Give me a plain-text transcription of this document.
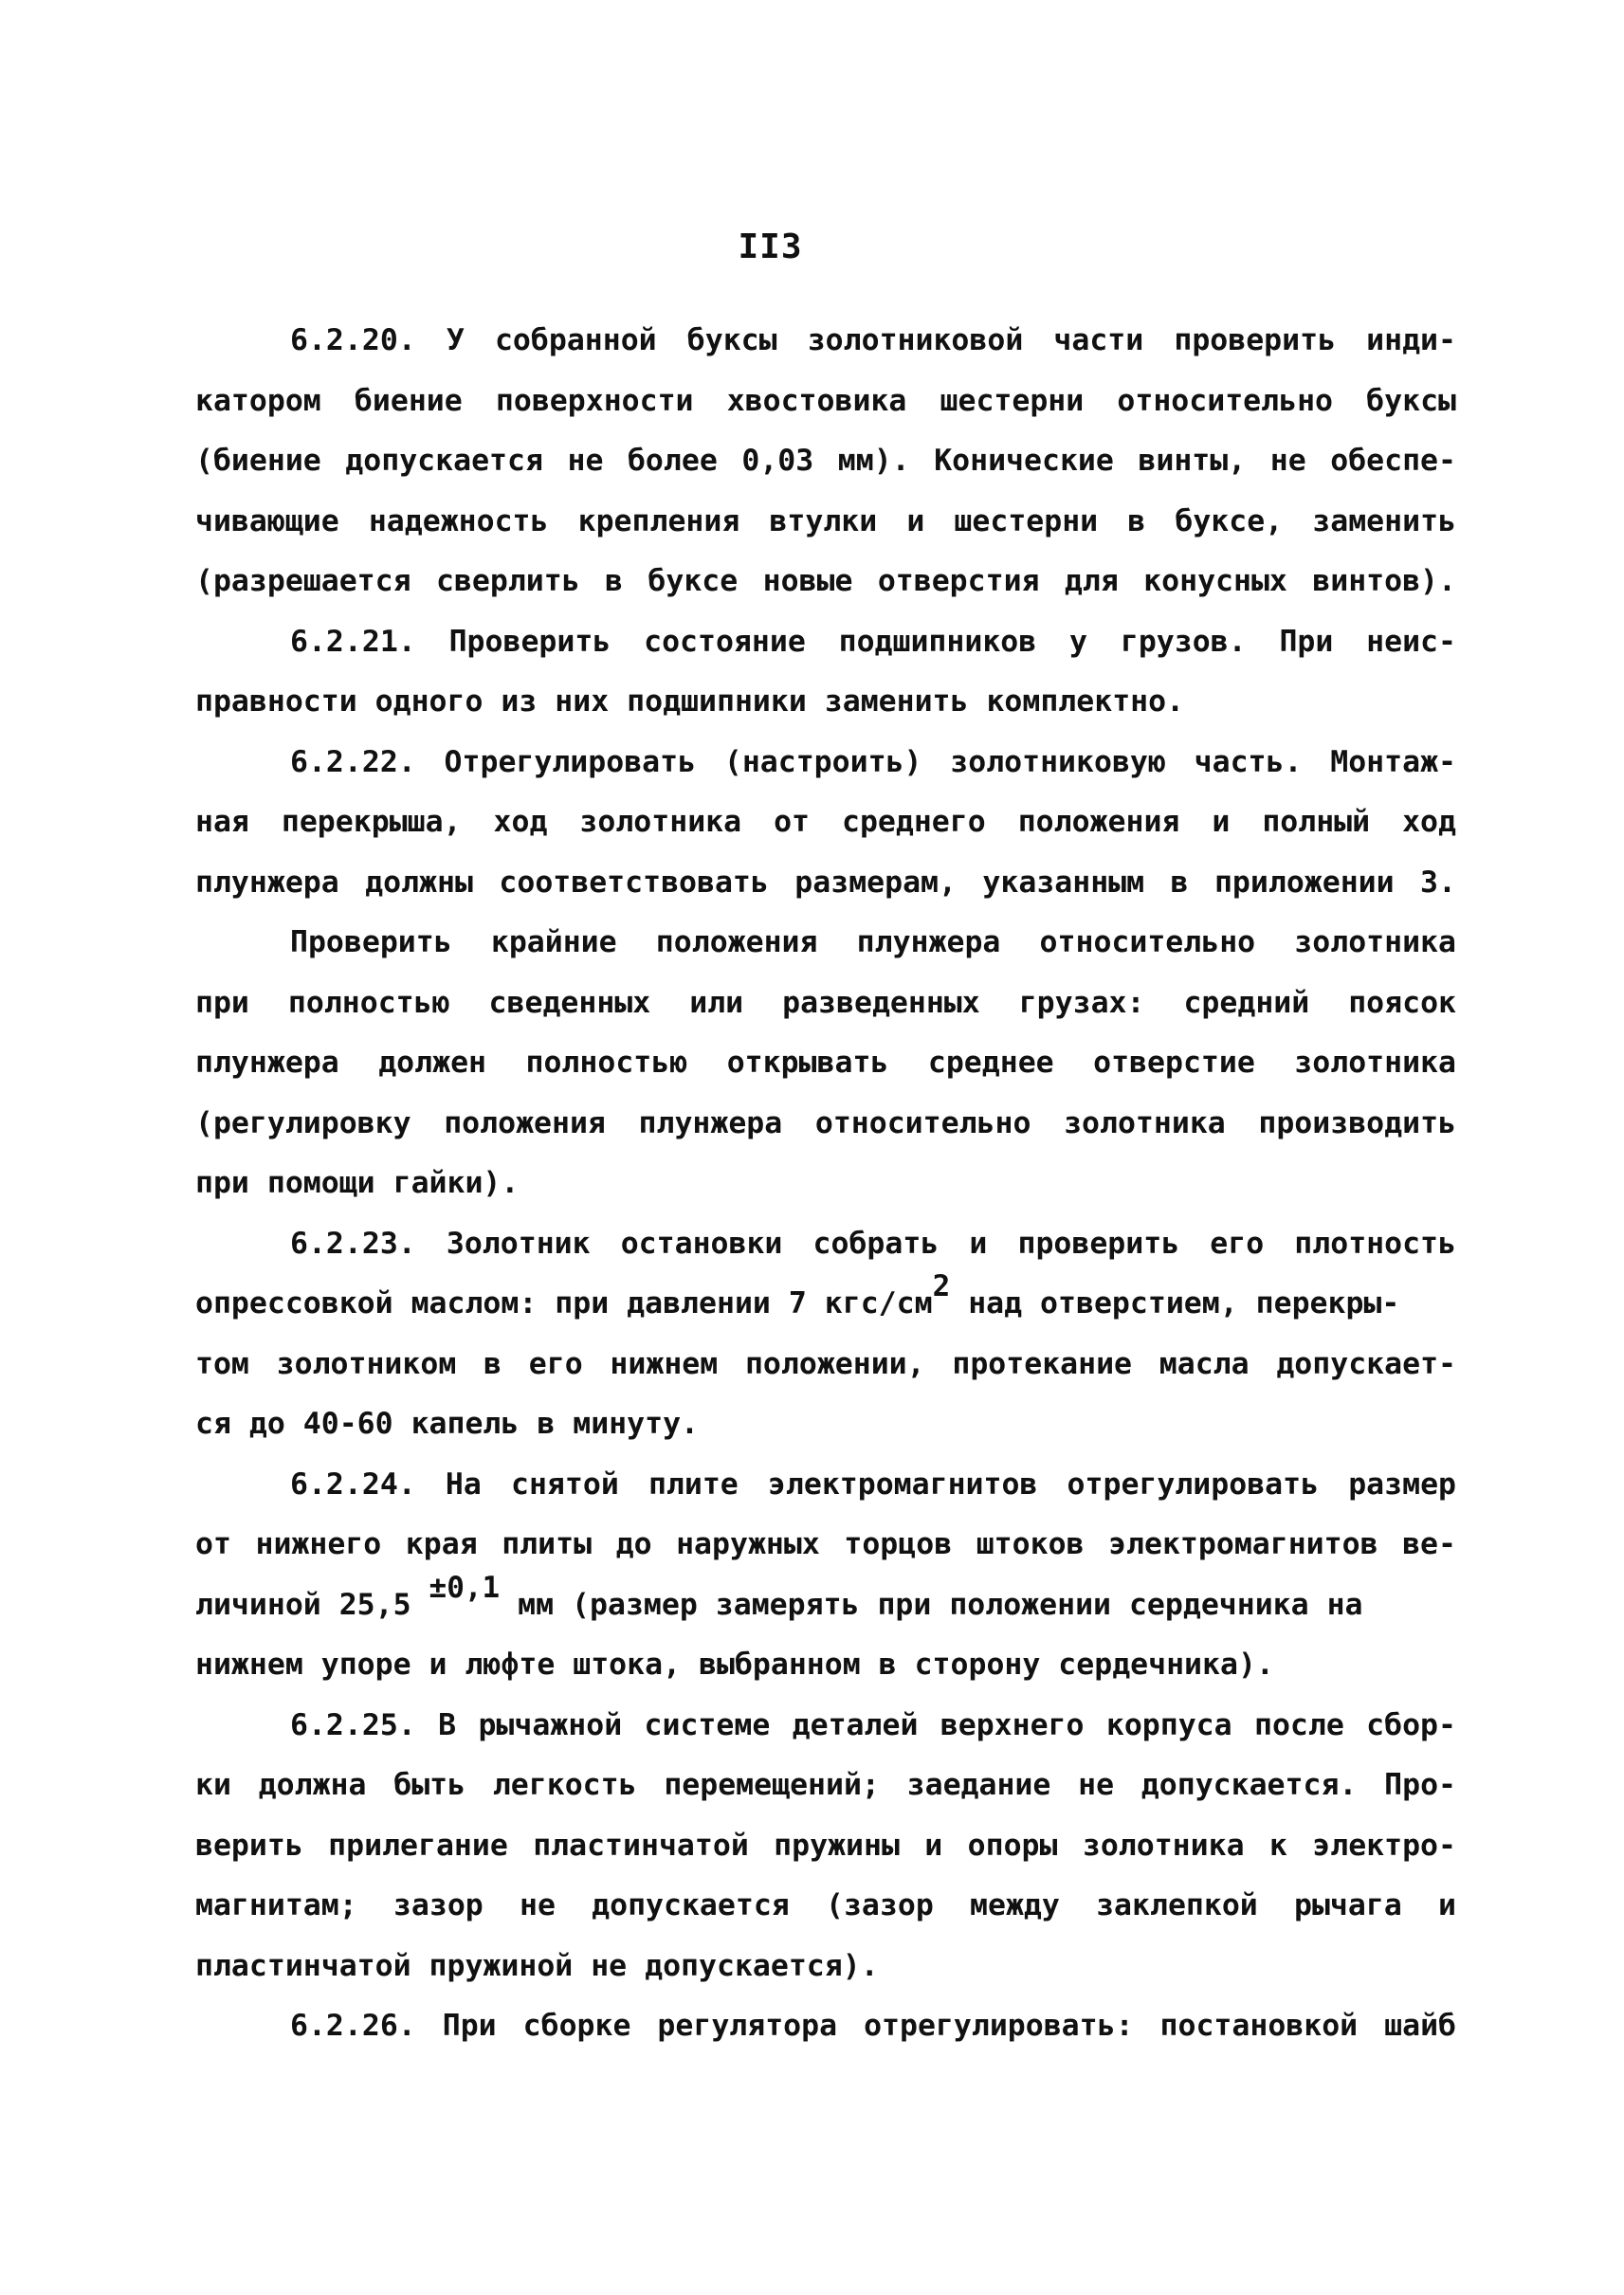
II3
6.2.20. У собранной буксы золотниковой части проверить инди-
катором биение поверхности хвостовика шестерни относительно буксы
(биение допускается не более 0,03 мм). Конические винты, не обеспе-
чивающие надежность крепления втулки и шестерни в буксе, заменить
(разрешается сверлить в буксе новые отверстия для конусных винтов).
6.2.21. Проверить состояние подшипников у грузов. При неис-
правности одного из них подшипники заменить комплектно.
6.2.22. Отрегулировать (настроить) золотниковую часть. Монтаж-
ная перекрыша, ход золотника от среднего положения и полный ход
плунжера должны соответствовать размерам, указанным в приложении 3.
Проверить крайние положения плунжера относительно золотника
при полностью сведенных или разведенных грузах: средний поясок
плунжера должен полностью открывать среднее отверстие золотника
(регулировку положения плунжера относительно золотника производить
при помощи гайки).
6.2.23. Золотник остановки собрать и проверить его плотность
опрессовкой маслом: при давлении 7 кгс/см2 над отверстием, перекры-
том золотником в его нижнем положении, протекание масла допускает-
ся до 40-60 капель в минуту.
6.2.24. На снятой плите электромагнитов отрегулировать размер
от нижнего края плиты до наружных торцов штоков электромагнитов ве-
личиной 25,5 ±0,1 мм (размер замерять при положении сердечника на
нижнем упоре и люфте штока, выбранном в сторону сердечника).
6.2.25. В рычажной системе деталей верхнего корпуса после сбор-
ки должна быть легкость перемещений; заедание не допускается. Про-
верить прилегание пластинчатой пружины и опоры золотника к электро-
магнитам; зазор не допускается (зазор между заклепкой рычага и
пластинчатой пружиной не допускается).
6.2.26. При сборке регулятора отрегулировать: постановкой шайб
